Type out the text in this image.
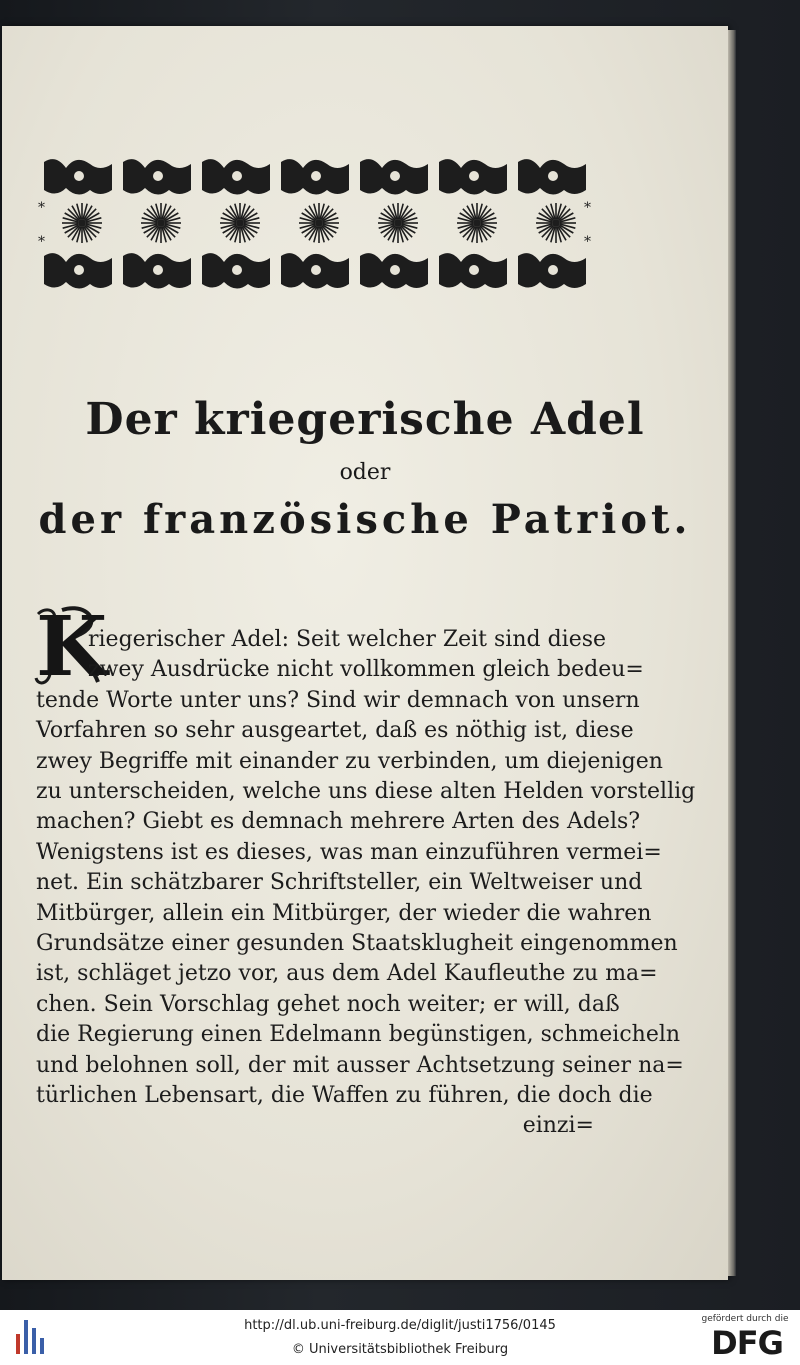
*
*
*
*
Der kriegerische Adel
oder
der französische Patriot.
K
riegerischer Adel: Seit welcher Zeit sind diese
zwey Ausdrücke nicht vollkommen gleich bedeu=
tende Worte unter uns? Sind wir demnach von unsern
Vorfahren so sehr ausgeartet, daß es nöthig ist, diese
zwey Begriffe mit einander zu verbinden, um diejenigen
zu unterscheiden, welche uns diese alten Helden vorstellig
machen? Giebt es demnach mehrere Arten des Adels?
Wenigstens ist es dieses, was man einzuführen vermei=
net. Ein schätzbarer Schriftsteller, ein Weltweiser und
Mitbürger, allein ein Mitbürger, der wieder die wahren
Grundsätze einer gesunden Staatsklugheit eingenommen
ist, schläget jetzo vor, aus dem Adel Kaufleuthe zu ma=
chen. Sein Vorschlag gehet noch weiter; er will, daß
die Regierung einen Edelmann begünstigen, schmeicheln
und belohnen soll, der mit ausser Achtsetzung seiner na=
türlichen Lebensart, die Waffen zu führen, die doch die
einzi=
http://dl.ub.uni-freiburg.de/diglit/justi1756/0145
© Universitätsbibliothek Freiburg
gefördert durch die
DFG
